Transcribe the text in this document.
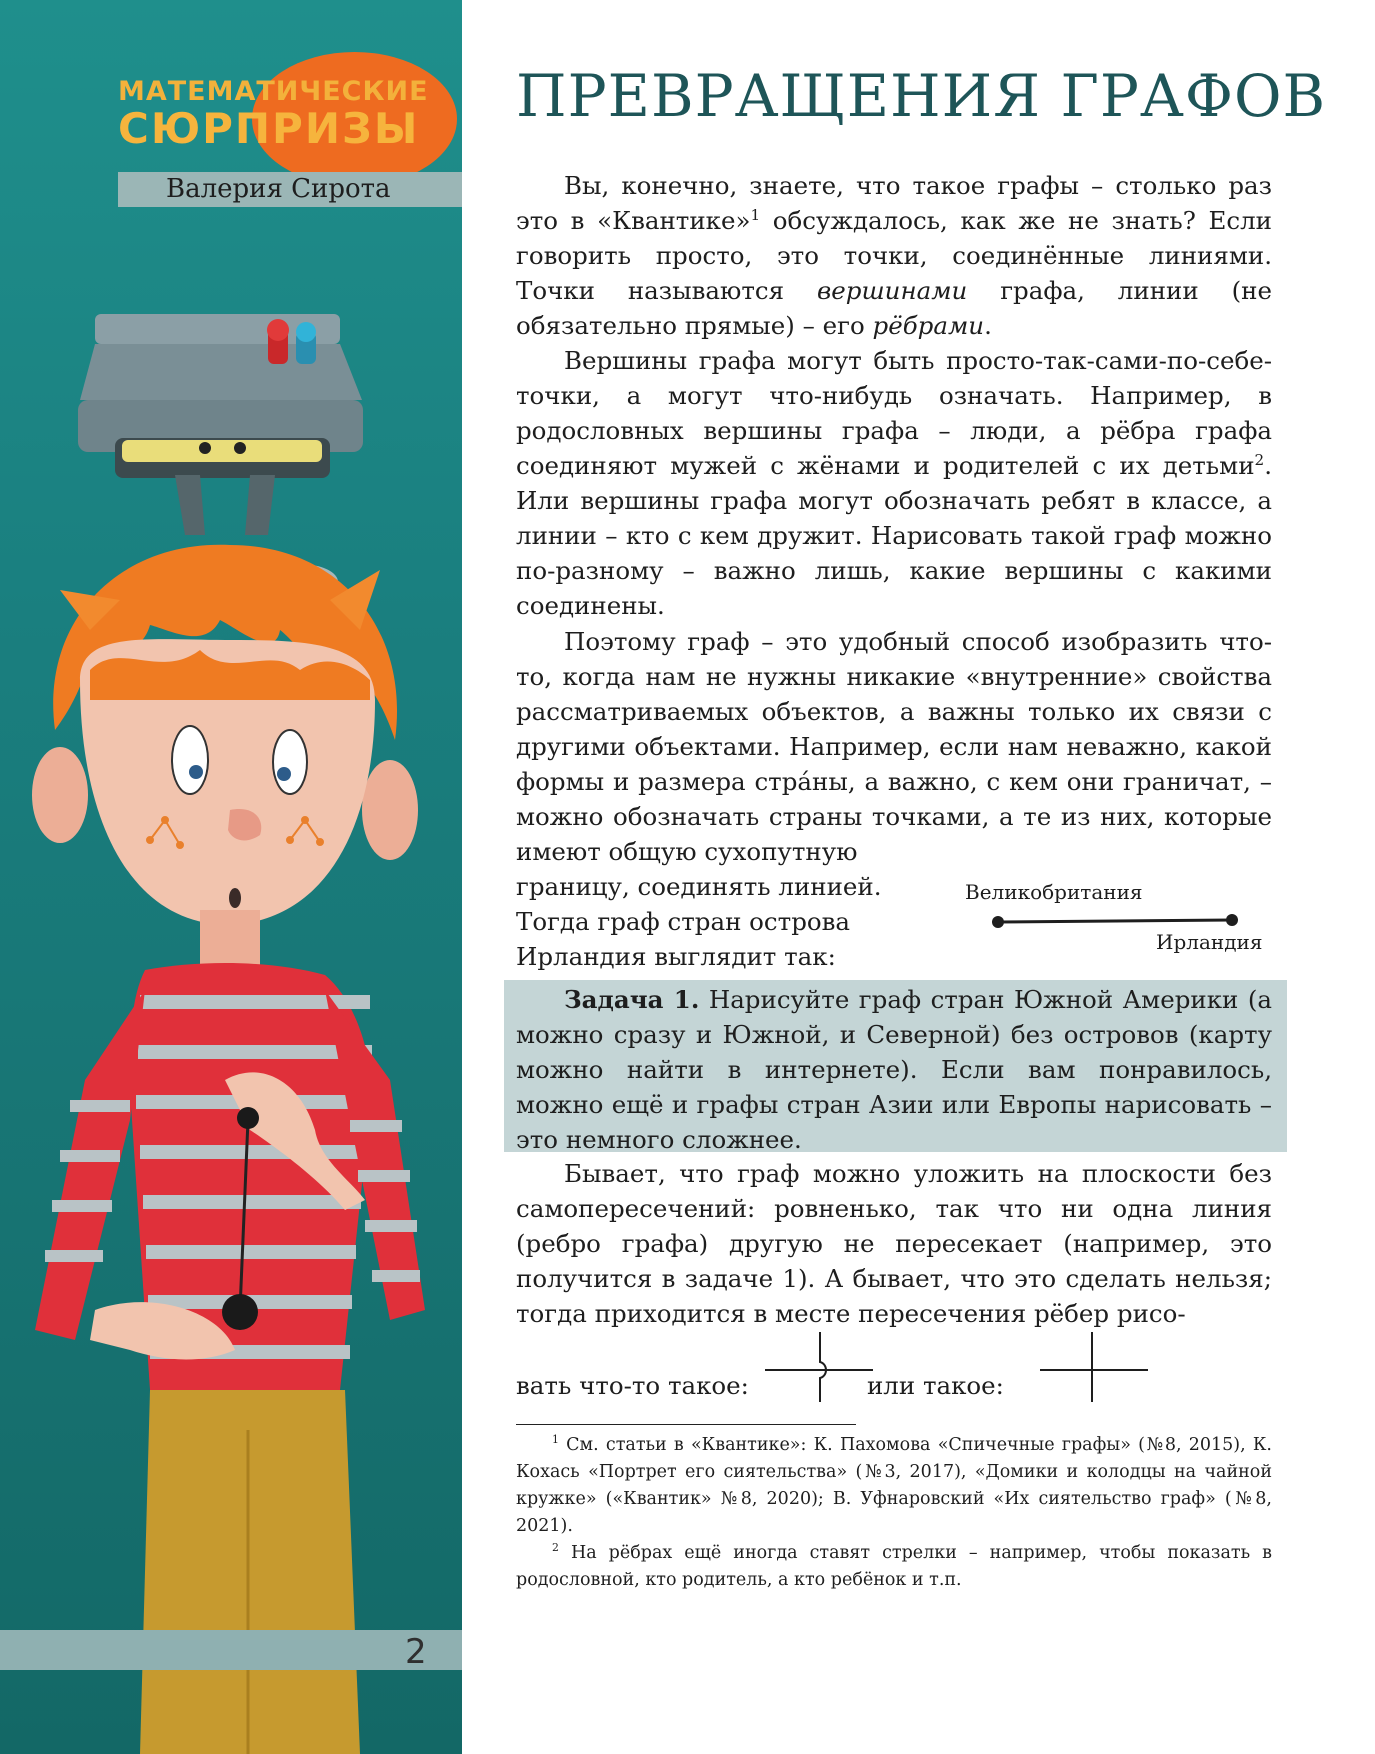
МАТЕМАТИЧЕСКИЕ
СЮРПРИЗЫ
Валерия Сирота
2
ПРЕВРАЩЕНИЯ ГРАФОВ

Вы, конечно, знаете, что такое графы – столько раз это в «Квантике»$^1$ обсуждалось, как же не знать? Если говорить просто, это точки, соединённые линиями. Точки называются вершинами графа, линии (не обязательно прямые) – его рёбрами.

Вершины графа могут быть просто-так-сами-по-себе-точки, а могут что-нибудь означать. Например, в родословных вершины графа – люди, а рёбра графа соединяют мужей с жёнами и родителей с их детьми$^2$. Или вершины графа могут обозначать ребят в классе, а линии – кто с кем дружит. Нарисовать такой граф можно по-разному – важно лишь, какие вершины с какими соединены.

Поэтому граф – это удобный способ изобразить что-то, когда нам не нужны никакие «внутренние» свойства рассматриваемых объектов, а важны только их связи с другими объектами. Например, если нам неважно, какой формы и размера стрáны, а важно, с кем они граничат, – можно обозначать страны точками, а те из них, которые имеют общую сухопутную

границу, соединять линией. Тогда граф стран острова Ирландия выглядит так:

Великобритания
Ирландия

Задача 1. Нарисуйте граф стран Южной Америки (а можно сразу и Южной, и Северной) без островов (карту можно найти в интернете). Если вам понравилось, можно ещё и графы стран Азии или Европы нарисовать – это немного сложнее.

Бывает, что граф можно уложить на плоскости без самопересечений: ровненько, так что ни одна линия (ребро графа) другую не пересекает (например, это получится в задаче 1). А бывает, что это сделать нельзя; тогда приходится в месте пересечения рёбер рисо-

вать что-то такое:	или такое:

$^1$ См. статьи в «Квантике»: К. Пахомова «Спичечные графы» (№8, 2015), К. Кохась «Портрет его сиятельства» (№3, 2017), «Домики и колодцы на чайной кружке» («Квантик» №8, 2020); В. Уфнаровский «Их сиятельство граф» (№8, 2021).

$^2$ На рёбрах ещё иногда ставят стрелки – например, чтобы показать в родословной, кто родитель, а кто ребёнок и т.п.
